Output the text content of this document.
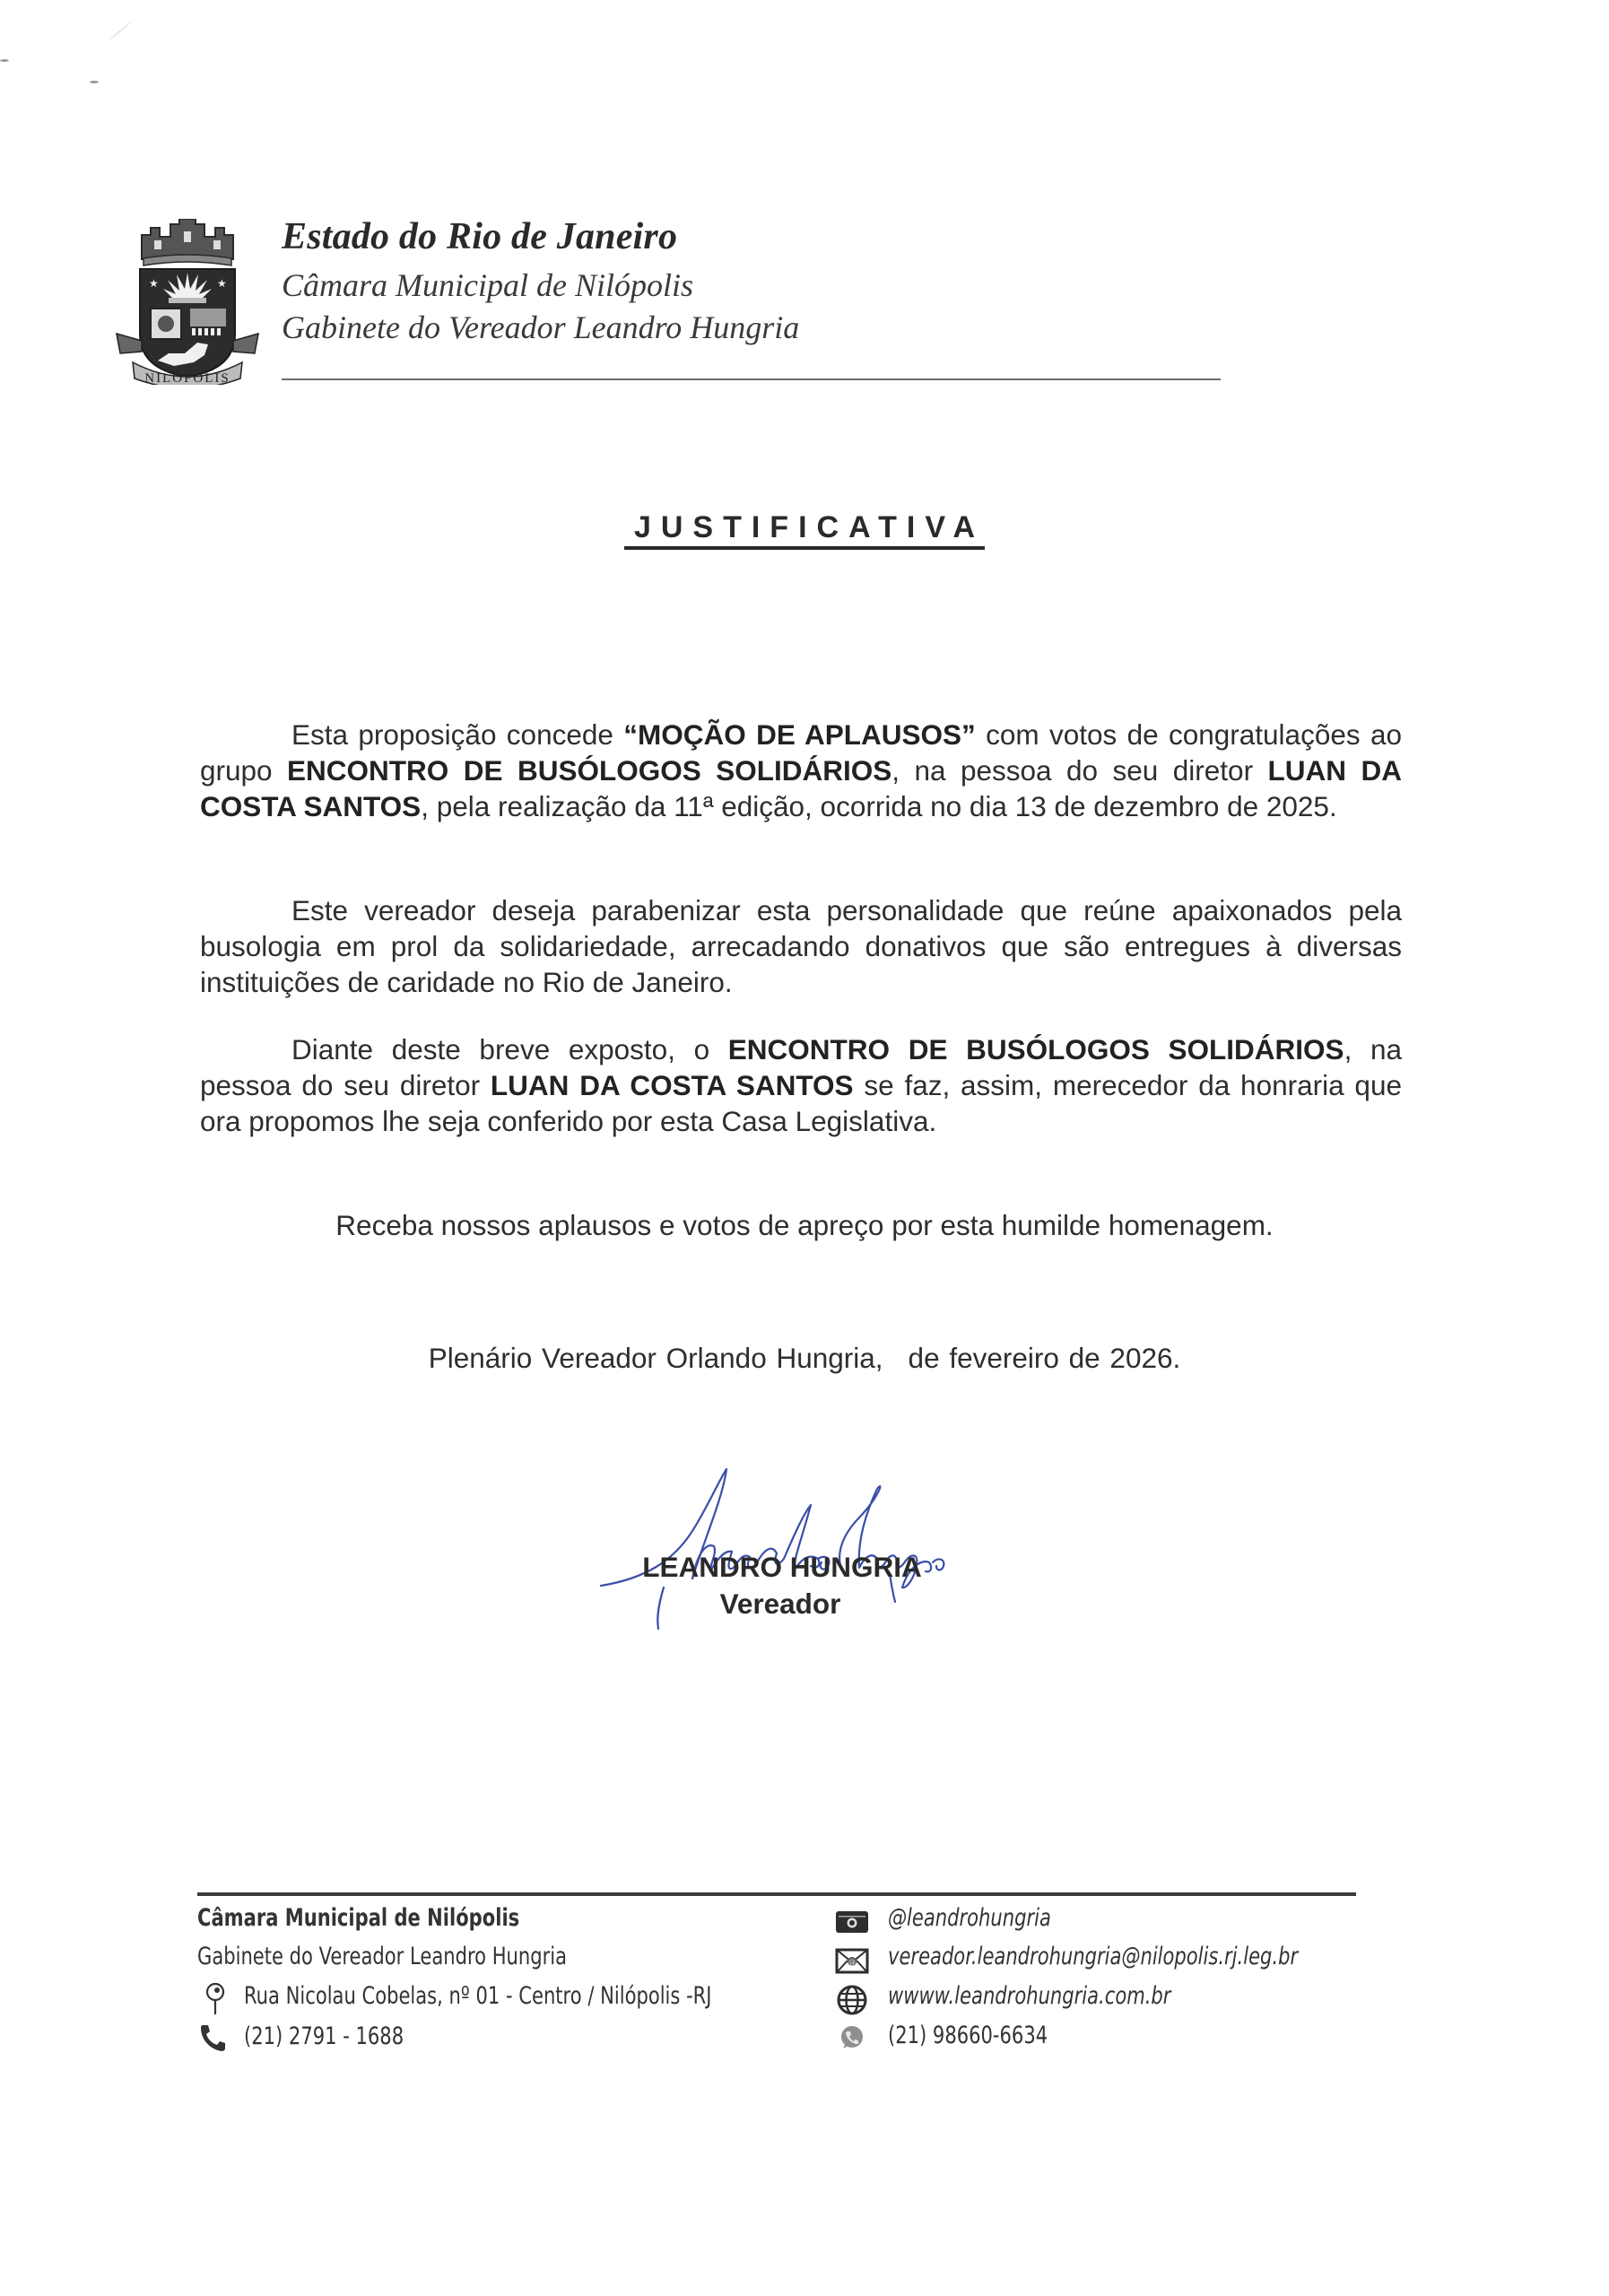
★	★
NILÓPOLIS
Estado do Rio de Janeiro
Câmara Municipal de Nilópolis
Gabinete do Vereador Leandro Hungria
JUSTIFICATIVA

Esta proposição concede “MOÇÃO DE APLAUSOS” com votos de congratulações ao grupo ENCONTRO DE BUSÓLOGOS SOLIDÁRIOS, na pessoa do seu diretor LUAN DA COSTA SANTOS, pela realização da 11ª edição, ocorrida no dia 13 de dezembro de 2025.

Este vereador deseja parabenizar esta personalidade que reúne apaixonados pela busologia em prol da solidariedade, arrecadando donativos que são entregues à diversas instituições de caridade no Rio de Janeiro.

Diante deste breve exposto, o ENCONTRO DE BUSÓLOGOS SOLIDÁRIOS, na pessoa do seu diretor LUAN DA COSTA SANTOS se faz, assim, merecedor da honraria que ora propomos lhe seja conferido por esta Casa Legislativa.

Receba nossos aplausos e votos de apreço por esta humilde homenagem.
Plenário Vereador Orlando Hungria, de fevereiro de 2026.
LEANDRO HUNGRIA
Vereador
Câmara Municipal de Nilópolis
Gabinete do Vereador Leandro Hungria
Rua Nicolau Cobelas, nº 01 - Centro / Nilópolis -RJ
(21) 2791 - 1688
@leandrohungria
@ vereador.leandrohungria@nilopolis.rj.leg.br
wwww.leandrohungria.com.br
(21) 98660-6634
